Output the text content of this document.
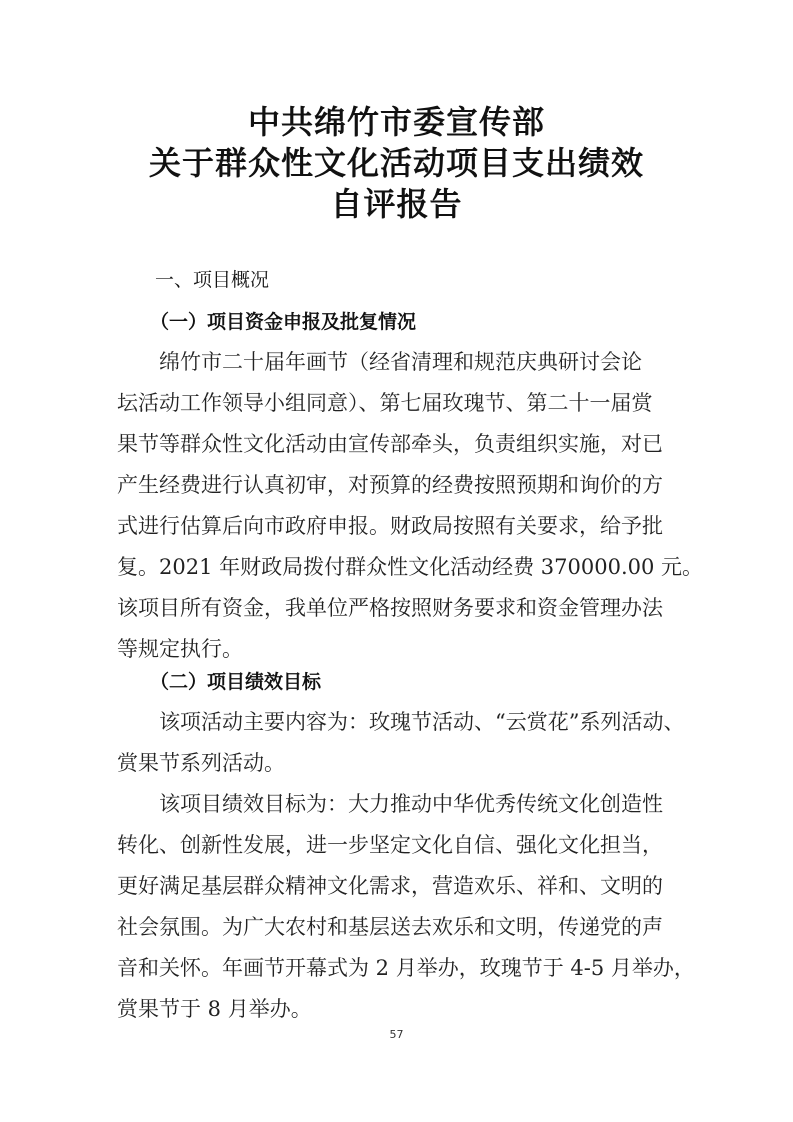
中共绵竹市委宣传部
关于群众性文化活动项目支出绩效
自评报告
一、项目概况
（一）项目资金申报及批复情况
绵竹市二十届年画节（经省清理和规范庆典研讨会论
坛活动工作领导小组同意）、第七届玫瑰节、第二十一届赏
果节等群众性文化活动由宣传部牵头，负责组织实施，对已
产生经费进行认真初审，对预算的经费按照预期和询价的方
式进行估算后向市政府申报。财政局按照有关要求，给予批
复。2021 年财政局拨付群众性文化活动经费 370000.00 元。
该项目所有资金，我单位严格按照财务要求和资金管理办法
等规定执行。
（二）项目绩效目标
该项活动主要内容为：玫瑰节活动、“云赏花”系列活动、
赏果节系列活动。
该项目绩效目标为：大力推动中华优秀传统文化创造性
转化、创新性发展，进一步坚定文化自信、强化文化担当，
更好满足基层群众精神文化需求，营造欢乐、祥和、文明的
社会氛围。为广大农村和基层送去欢乐和文明，传递党的声
音和关怀。年画节开幕式为 2 月举办，玫瑰节于 4-5 月举办，
赏果节于 8 月举办。
57
